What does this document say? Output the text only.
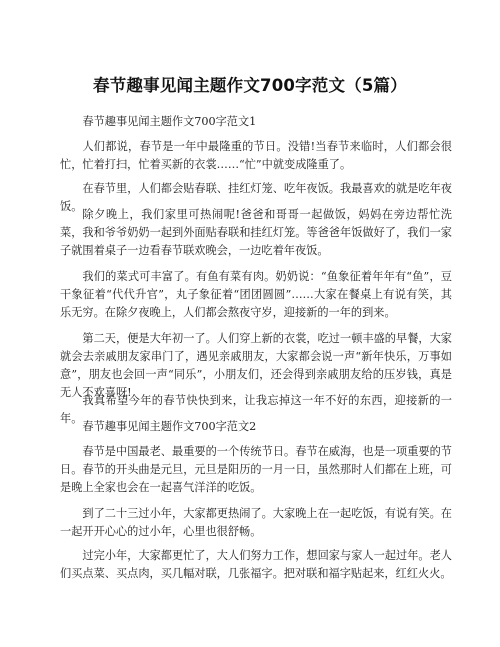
春节趣事见闻主题作文700字范文（5篇）
春节趣事见闻主题作文700字范文1

人们都说，春节是一年中最隆重的节日。没错!当春节来临时，人们都会很忙，忙着打扫，忙着买新的衣裳……“忙”中就变成隆重了。

在春节里，人们都会贴春联、挂红灯笼、吃年夜饭。我最喜欢的就是吃年夜饭。

除夕晚上，我们家里可热闹呢!爸爸和哥哥一起做饭，妈妈在旁边帮忙洗菜，我和爷爷奶奶一起到外面贴春联和挂红灯笼。等爸爸年饭做好了，我们一家子就围着桌子一边看春节联欢晚会，一边吃着年夜饭。

我们的菜式可丰富了。有鱼有菜有肉。奶奶说：“鱼象征着年年有“鱼”，豆干象征着“代代升官”，丸子象征着“团团圆圆”……大家在餐桌上有说有笑，其乐无穷。在除夕夜晚上，人们都会熬夜守岁，迎接新的一年的到来。

第二天，便是大年初一了。人们穿上新的衣裳，吃过一顿丰盛的早餐，大家就会去亲戚朋友家串门了，遇见亲戚朋友，大家都会说一声“新年快乐，万事如意”，朋友也会回一声“同乐”，小朋友们，还会得到亲戚朋友给的压岁钱，真是无人不欢喜呀!

我真希望今年的春节快快到来，让我忘掉这一年不好的东西，迎接新的一年。

春节趣事见闻主题作文700字范文2

春节是中国最老、最重要的一个传统节日。春节在威海，也是一项重要的节日。春节的开头曲是元旦，元旦是阳历的一月一日，虽然那时人们都在上班，可是晚上全家也会在一起喜气洋洋的吃饭。

到了二十三过小年，大家都更热闹了。大家晚上在一起吃饭，有说有笑。在一起开开心心的过小年，心里也很舒畅。

过完小年，大家都更忙了，大人们努力工作，想回家与家人一起过年。老人们买点菜、买点肉，买几幅对联，几张福字。把对联和福字贴起来，红红火火。
